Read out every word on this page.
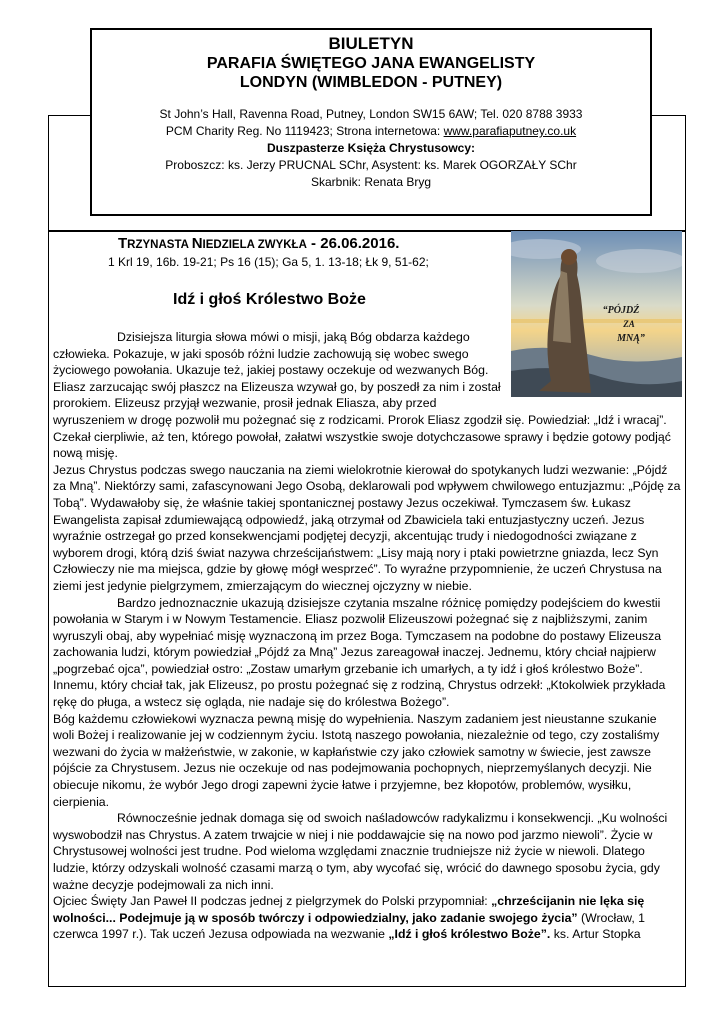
BIULETYN
PARAFIA ŚWIĘTEGO JANA EWANGELISTY
LONDYN (WIMBLEDON - PUTNEY)
St John’s Hall, Ravenna Road, Putney, London SW15 6AW; Tel. 020 8788 3933
PCM Charity Reg. No 1119423; Strona internetowa: www.parafiaputney.co.uk
Duszpasterze Księża Chrystusowcy:
Proboszcz: ks. Jerzy PRUCNAL SChr, Asystent: ks. Marek OGORZAŁY SChr
Skarbnik: Renata Bryg
TRZYNASTA NIEDZIELA ZWYKŁA - 26.06.2016.
1 Krl 19, 16b. 19-21; Ps 16 (15); Ga 5, 1. 13-18; Łk 9, 51-62;
“PÓJDŹ
ZA
MNĄ”
Idź i głoś Królestwo Boże

Dzisiejsza liturgia słowa mówi o misji, jaką Bóg obdarza każdego człowieka. Pokazuje, w jaki sposób różni ludzie zachowują się wobec swego życiowego powołania. Ukazuje też, jakiej postawy oczekuje od wezwanych Bóg. Eliasz zarzucając swój płaszcz na Elizeusza wzywał go, by poszedł za nim i został prorokiem. Elizeusz przyjął wezwanie, prosił jednak Eliasza, aby przed wyruszeniem w drogę pozwolił mu pożegnać się z rodzicami. Prorok Eliasz zgodził się. Powiedział: „Idź i wracaj”. Czekał cierpliwie, aż ten, którego powołał, załatwi wszystkie swoje dotychczasowe sprawy i będzie gotowy podjąć nową misję.

Jezus Chrystus podczas swego nauczania na ziemi wielokrotnie kierował do spotykanych ludzi wezwanie: „Pójdź za Mną”. Niektórzy sami, zafascynowani Jego Osobą, deklarowali pod wpływem chwilowego entuzjazmu: „Pójdę za Tobą”. Wydawałoby się, że właśnie takiej spontanicznej postawy Jezus oczekiwał. Tymczasem św. Łukasz Ewangelista zapisał zdumiewającą odpowiedź, jaką otrzymał od Zbawiciela taki entuzjastyczny uczeń. Jezus wyraźnie ostrzegał go przed konsekwencjami podjętej decyzji, akcentując trudy i niedogodności związane z wyborem drogi, którą dziś świat nazywa chrześcijaństwem: „Lisy mają nory i ptaki powietrzne gniazda, lecz Syn Człowieczy nie ma miejsca, gdzie by głowę mógł wesprzeć”. To wyraźne przypomnienie, że uczeń Chrystusa na ziemi jest jedynie pielgrzymem, zmierzającym do wiecznej ojczyzny w niebie.

Bardzo jednoznacznie ukazują dzisiejsze czytania mszalne różnicę pomiędzy podejściem do kwestii powołania w Starym i w Nowym Testamencie. Eliasz pozwolił Elizeuszowi pożegnać się z najbliższymi, zanim wyruszyli obaj, aby wypełniać misję wyznaczoną im przez Boga. Tymczasem na podobne do postawy Elizeusza zachowania ludzi, którym powiedział „Pójdź za Mną” Jezus zareagował inaczej. Jednemu, który chciał najpierw „pogrzebać ojca”, powiedział ostro: „Zostaw umarłym grzebanie ich umarłych, a ty idź i głoś królestwo Boże”. Innemu, który chciał tak, jak Elizeusz, po prostu pożegnać się z rodziną, Chrystus odrzekł: „Ktokolwiek przykłada rękę do pługa, a wstecz się ogląda, nie nadaje się do królestwa Bożego”.

Bóg każdemu człowiekowi wyznacza pewną misję do wypełnienia. Naszym zadaniem jest nieustanne szukanie woli Bożej i realizowanie jej w codziennym życiu. Istotą naszego powołania, niezależnie od tego, czy zostaliśmy wezwani do życia w małżeństwie, w zakonie, w kapłaństwie czy jako człowiek samotny w świecie, jest zawsze pójście za Chrystusem. Jezus nie oczekuje od nas podejmowania pochopnych, nieprzemyślanych decyzji. Nie obiecuje nikomu, że wybór Jego drogi zapewni życie łatwe i przyjemne, bez kłopotów, problemów, wysiłku, cierpienia.

Równocześnie jednak domaga się od swoich naśladowców radykalizmu i konsekwencji. „Ku wolności wyswobodził nas Chrystus. A zatem trwajcie w niej i nie poddawajcie się na nowo pod jarzmo niewoli”. Życie w Chrystusowej wolności jest trudne. Pod wieloma względami znacznie trudniejsze niż życie w niewoli. Dlatego ludzie, którzy odzyskali wolność czasami marzą o tym, aby wycofać się, wrócić do dawnego sposobu życia, gdy ważne decyzje podejmowali za nich inni.

Ojciec Święty Jan Paweł II podczas jednej z pielgrzymek do Polski przypomniał: „chrześcijanin nie lęka się wolności... Podejmuje ją w sposób twórczy i odpowiedzialny, jako zadanie swojego życia” (Wrocław, 1 czerwca 1997 r.). Tak uczeń Jezusa odpowiada na wezwanie „Idź i głoś królestwo Boże”. ks. Artur Stopka
